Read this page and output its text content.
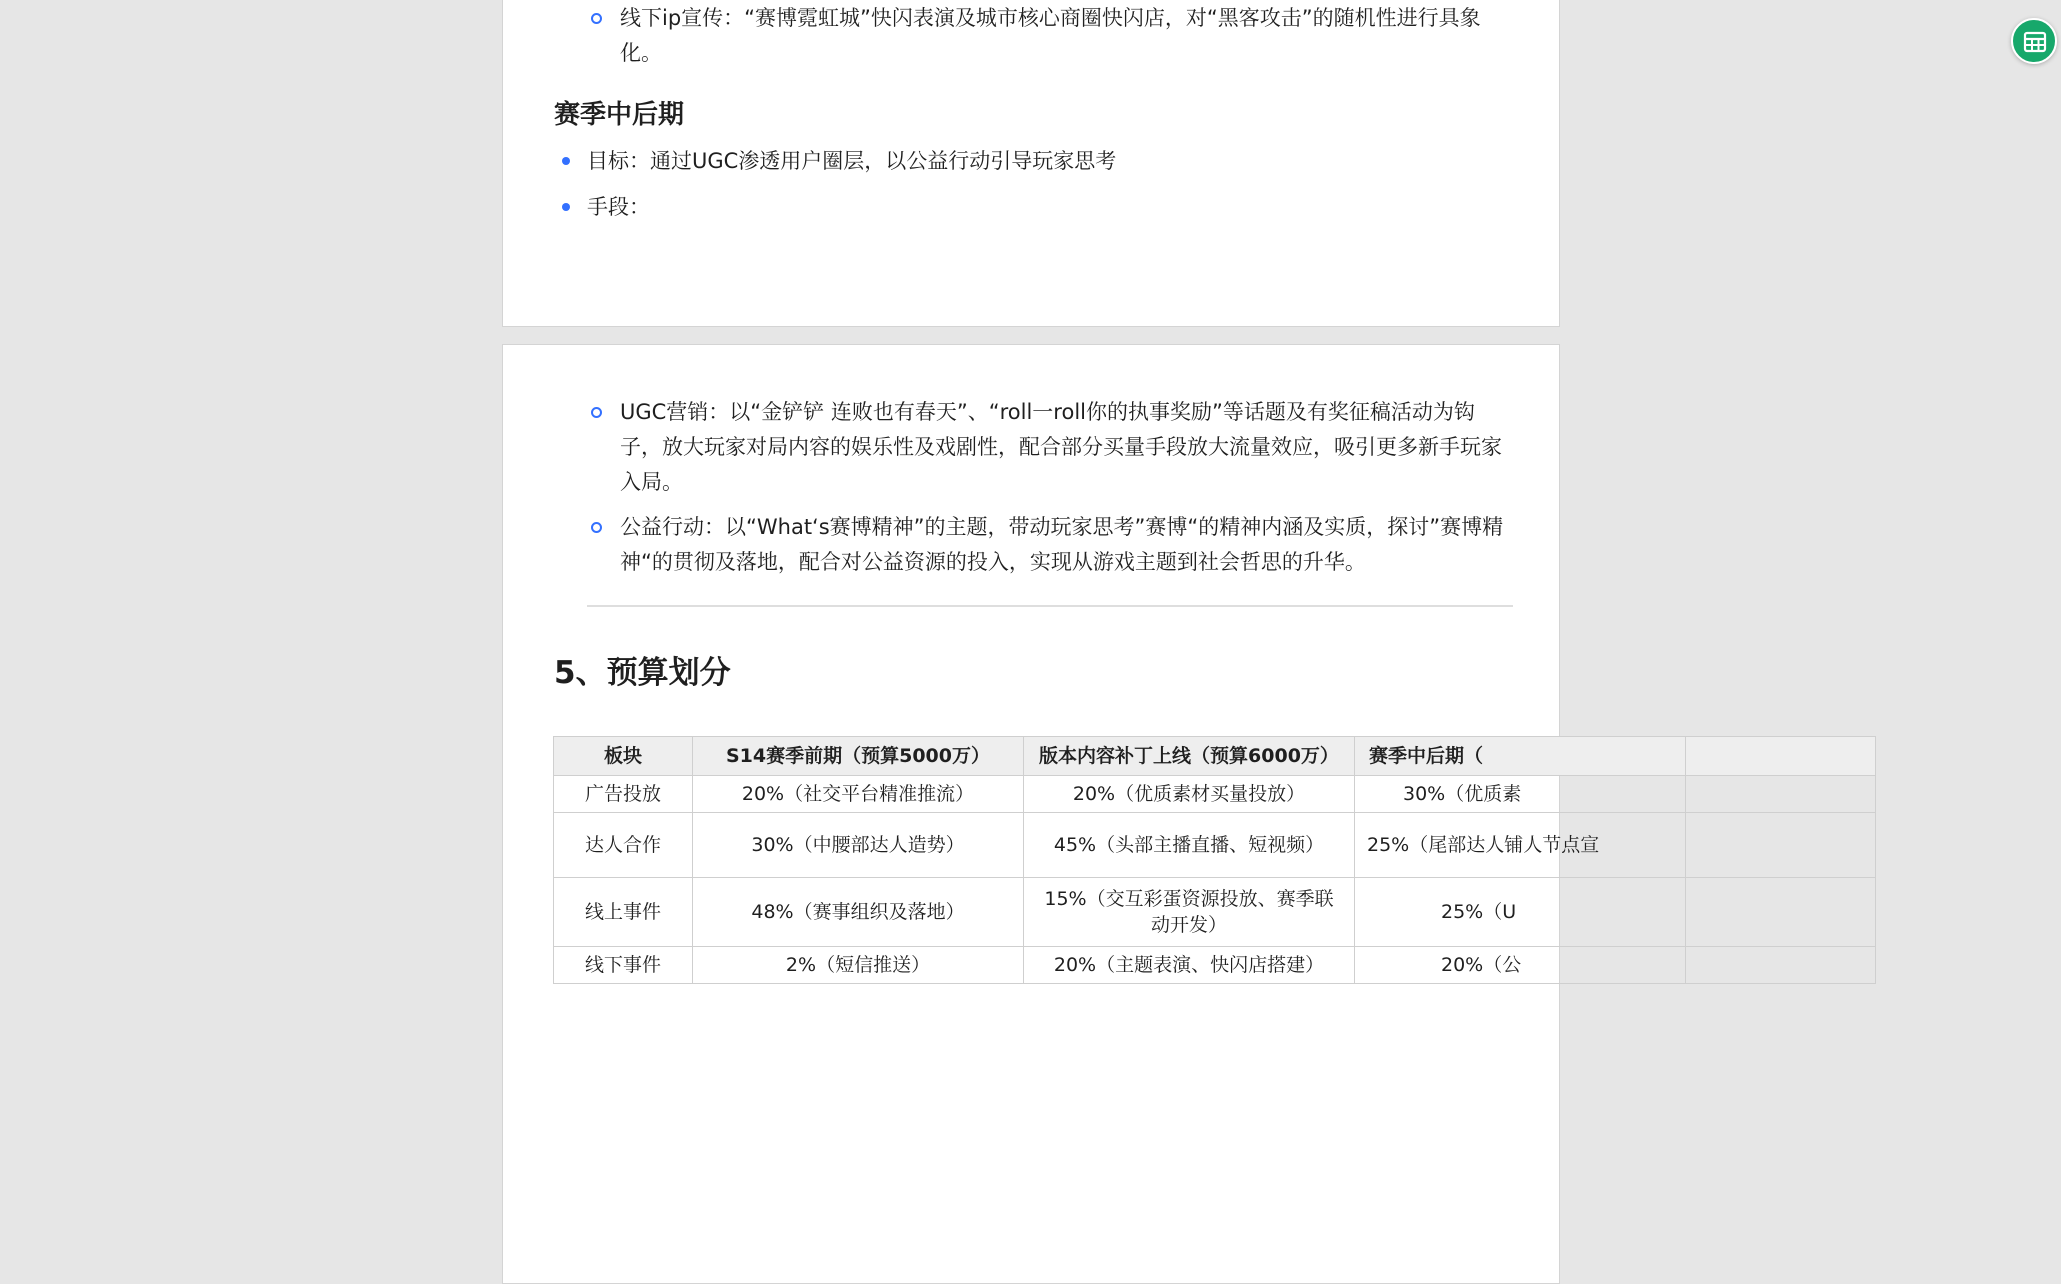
线下ip宣传：“赛博霓虹城”快闪表演及城市核心商圈快闪店，对“黑客攻击”的随机性进行具象化。
赛季中后期
目标：通过UGC渗透用户圈层，以公益行动引导玩家思考
手段：
UGC营销：以“金铲铲 连败也有春天”、“roll一roll你的执事奖励”等话题及有奖征稿活动为钩子，放大玩家对局内容的娱乐性及戏剧性，配合部分买量手段放大流量效应，吸引更多新手玩家入局。
公益行动：以“What‘s赛博精神”的主题，带动玩家思考”赛博“的精神内涵及实质，探讨”赛博精神“的贯彻及落地，配合对公益资源的投入，实现从游戏主题到社会哲思的升华。
5、预算划分
板块	S14赛季前期（预算5000万）	版本内容补丁上线（预算6000万）	赛季中后期（	
广告投放	20%（社交平台精准推流）	20%（优质素材买量投放）	30%（优质素	
达人合作	30%（中腰部达人造势）	45%（头部主播直播、短视频）	25%（尾部达人铺人节点宣	
线上事件	48%（赛事组织及落地）	15%（交互彩蛋资源投放、赛季联动开发）	25%（U	
线下事件	2%（短信推送）	20%（主题表演、快闪店搭建）	20%（公	
